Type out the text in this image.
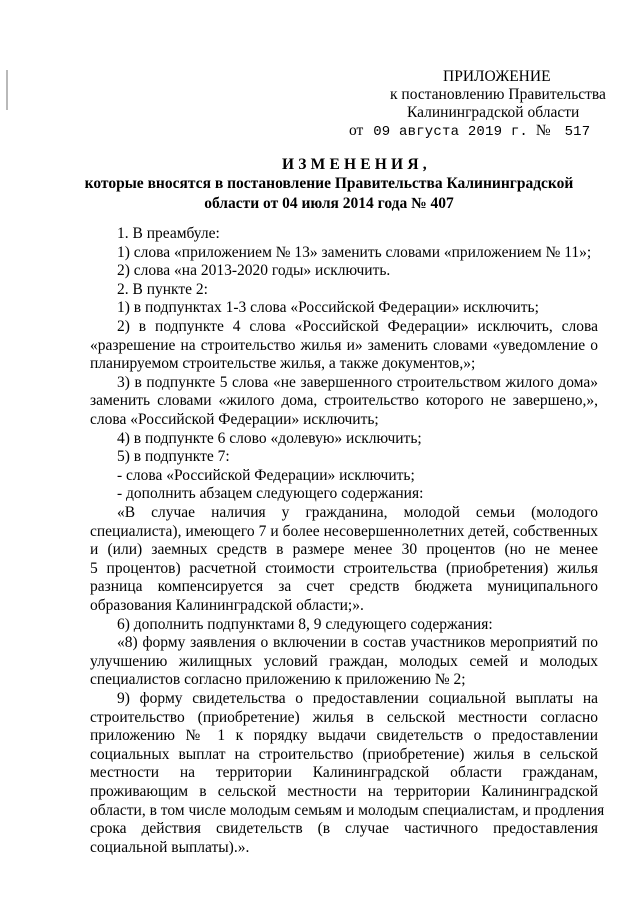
ПРИЛОЖЕНИЕ
к постановлению Правительства
Калининградской области
от 09 августа 2019 г. № 517
ИЗМЕНЕНИЯ,
которые вносятся в постановление Правительства Калининградской
области от 04 июля 2014 года № 407
1. В преамбуле:
1) слова «приложением № 13» заменить словами «приложением № 11»;
2) слова «на 2013-2020 годы» исключить.
2. В пункте 2:
1) в подпунктах 1-3 слова «Российской Федерации» исключить;
2) в подпункте 4 слова «Российской Федерации» исключить, слова
«разрешение на строительство жилья и» заменить словами «уведомление о
планируемом строительстве жилья, а также документов,»;
3) в подпункте 5 слова «не завершенного строительством жилого дома»
заменить словами «жилого дома, строительство которого не завершено,»,
слова «Российской Федерации» исключить;
4) в подпункте 6 слово «долевую» исключить;
5) в подпункте 7:
- слова «Российской Федерации» исключить;
- дополнить абзацем следующего содержания:
«В случае наличия у гражданина, молодой семьи (молодого
специалиста), имеющего 7 и более несовершеннолетних детей, собственных
и (или) заемных средств в размере менее 30 процентов (но не менее
5 процентов) расчетной стоимости строительства (приобретения) жилья
разница компенсируется за счет средств бюджета муниципального
образования Калининградской области;».
6) дополнить подпунктами 8, 9 следующего содержания:
«8) форму заявления о включении в состав участников мероприятий по
улучшению жилищных условий граждан, молодых семей и молодых
специалистов согласно приложению к приложению № 2;
9) форму свидетельства о предоставлении социальной выплаты на
строительство (приобретение) жилья в сельской местности согласно
приложению № 1 к порядку выдачи свидетельств о предоставлении
социальных выплат на строительство (приобретение) жилья в сельской
местности на территории Калининградской области гражданам,
проживающим в сельской местности на территории Калининградской
области, в том числе молодым семьям и молодым специалистам, и продления
срока действия свидетельств (в случае частичного предоставления
социальной выплаты).».
